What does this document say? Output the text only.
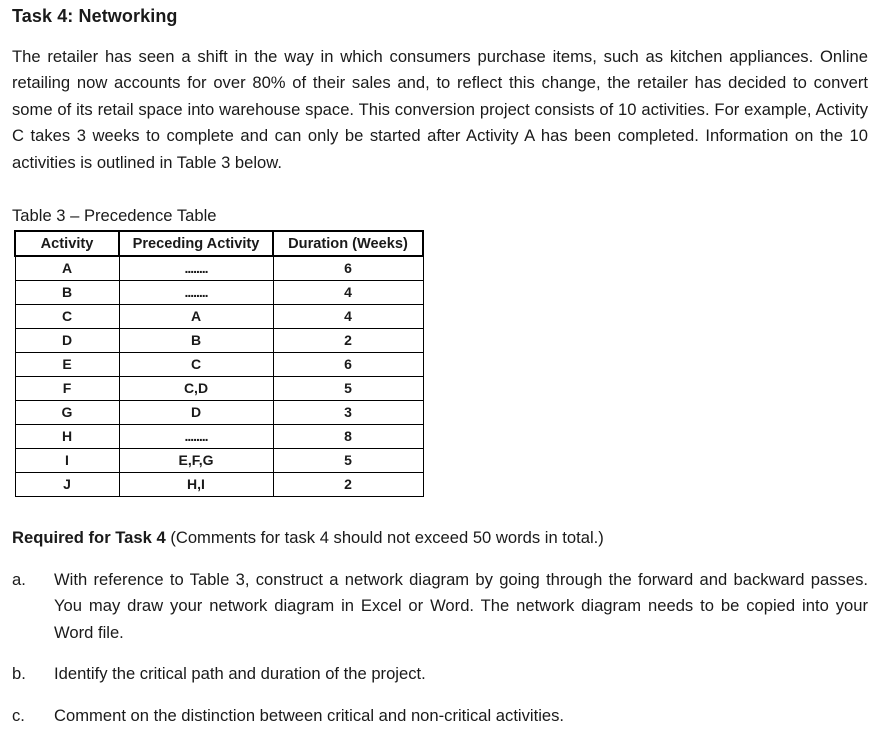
Task 4: Networking

The retailer has seen a shift in the way in which consumers purchase items, such as kitchen appliances. Online retailing now accounts for over 80% of their sales and, to reflect this change, the retailer has decided to convert some of its retail space into warehouse space. This conversion project consists of 10 activities. For example, Activity C takes 3 weeks to complete and can only be started after Activity A has been completed. Information on the 10 activities is outlined in Table 3 below.

Table 3 – Precedence Table
Activity	Preceding Activity	Duration (Weeks)
A	........	6
B	........	4
C	A	4
D	B	2
E	C	6
F	C,D	5
G	D	3
H	........	8
I	E,F,G	5
J	H,I	2
Required for Task 4 (Comments for task 4 should not exceed 50 words in total.)
a.	With reference to Table 3, construct a network diagram by going through the forward and backward passes. You may draw your network diagram in Excel or Word. The network diagram needs to be copied into your Word file.
b.	Identify the critical path and duration of the project.
c.	Comment on the distinction between critical and non-critical activities.
